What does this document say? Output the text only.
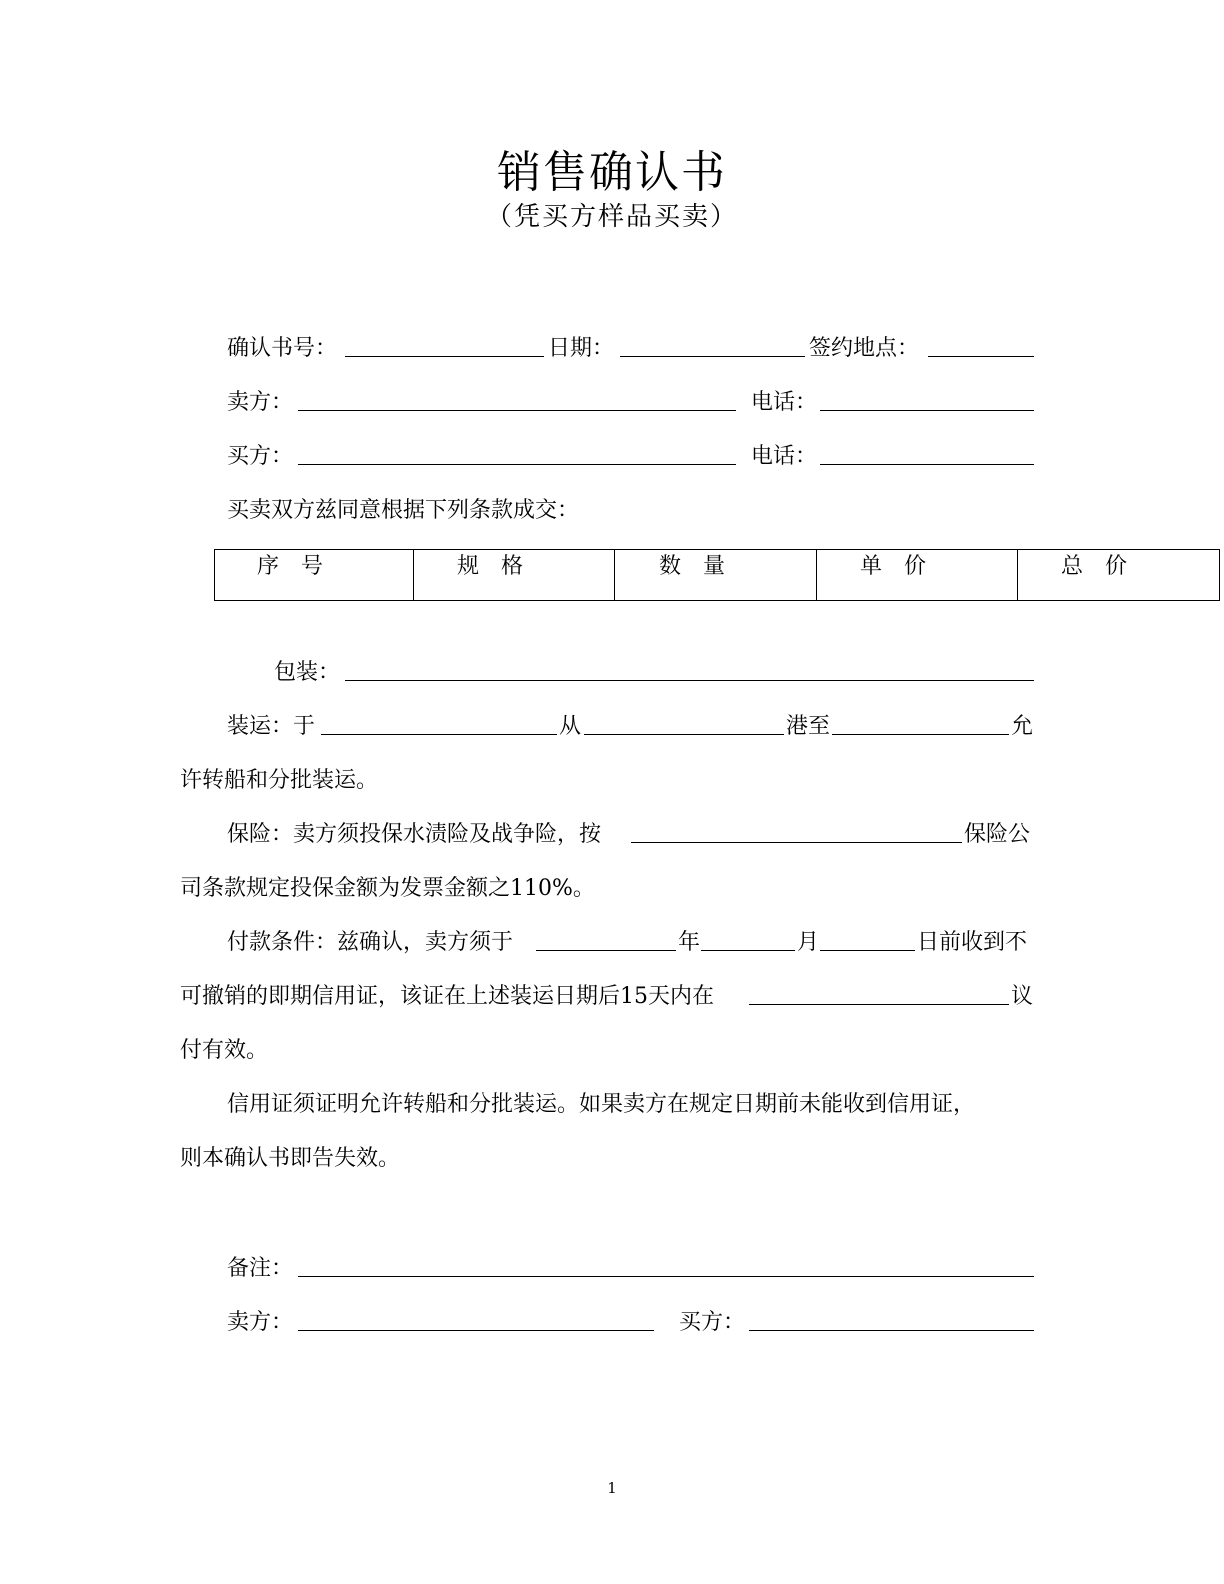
销售确认书
（凭买方样品买卖）
确认书号：	日期：	签约地点：
卖方：	电话：
买方：	电话：
买卖双方兹同意根据下列条款成交：
序　号	规　格	数　量	单　价	总　价
包装：
装运：于	从	港至	允
许转船和分批装运。
保险：卖方须投保水渍险及战争险，按	保险公
司条款规定投保金额为发票金额之110%。
付款条件：兹确认，卖方须于	年	月	日前收到不
可撤销的即期信用证，该证在上述装运日期后15天内在	议
付有效。
信用证须证明允许转船和分批装运。如果卖方在规定日期前未能收到信用证，
则本确认书即告失效。
备注：
卖方：	买方：
1
